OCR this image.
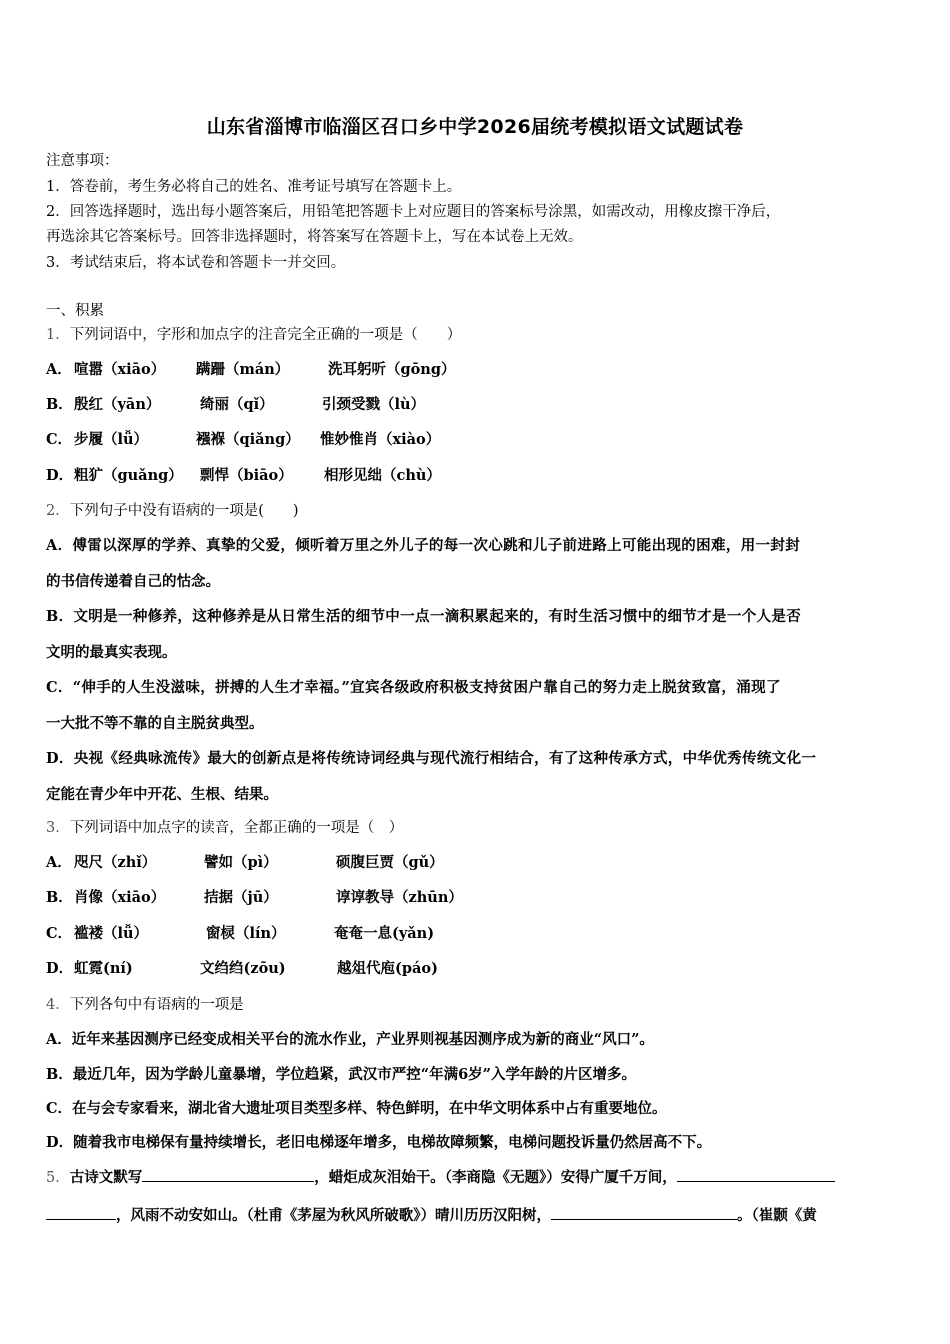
山东省淄博市临淄区召口乡中学2026届统考模拟语文试题试卷
注意事项：
1．答卷前，考生务必将自己的姓名、准考证号填写在答题卡上。
2．回答选择题时，选出每小题答案后，用铅笔把答题卡上对应题目的答案标号涂黑，如需改动，用橡皮擦干净后，
再选涂其它答案标号。回答非选择题时，将答案写在答题卡上，写在本试卷上无效。
3．考试结束后，将本试卷和答题卡一并交回。
一、积累
1．下列词语中，字形和加点字的注音完全正确的一项是（　　）
A． 喧嚣（xiāo） 蹒跚（mán）	洗耳躬听（gōng）
B． 殷红（yān）	绮丽（qǐ）	引颈受戮（lù）
C． 步履（lǚ）	襁褓（qiǎng） 惟妙惟肖（xiào）
D． 粗犷（guǎng） 剽悍（biāo） 相形见绌（chù）
2．下列句子中没有语病的一项是(　　)
A．傅雷以深厚的学养、真挚的父爱，倾听着万里之外儿子的每一次心跳和儿子前进路上可能出现的困难，用一封封
的书信传递着自己的怙念。
B．文明是一种修养，这种修养是从日常生活的细节中一点一滴积累起来的，有时生活习惯中的细节才是一个人是否
文明的最真实表现。
C．“伸手的人生没滋味，拼搏的人生才幸福。”宜宾各级政府积极支持贫困户靠自己的努力走上脱贫致富，涌现了
一大批不等不靠的自主脱贫典型。
D．央视《经典咏流传》最大的创新点是将传统诗词经典与现代流行相结合，有了这种传承方式，中华优秀传统文化一
定能在青少年中开花、生根、结果。
3．下列词语中加点字的读音，全都正确的一项是（　）
A． 咫尺（zhǐ）	譬如（pì）	硕腹巨贾（gǔ）
B． 肖像（xiāo）	拮据（jū）	谆谆教导（zhūn）
C． 褴褛（lǚ）	窗棂（lín）	奄奄一息(yǎn)
D． 虹霓(ní)	文绉绉(zōu)	越俎代庖(páo)
4．下列各句中有语病的一项是
A．近年来基因测序已经变成相关平台的流水作业，产业界则视基因测序成为新的商业“风口”。
B．最近几年，因为学龄儿童暴增，学位趋紧，武汉市严控“年满6岁”入学年龄的片区增多。
C．在与会专家看来，湖北省大遗址项目类型多样、特色鲜明，在中华文明体系中占有重要地位。
D．随着我市电梯保有量持续增长，老旧电梯逐年增多，电梯故障频繁，电梯问题投诉量仍然居高不下。
5．古诗文默写	，蜡炬成灰泪始干。（李商隐《无题》）安得广厦千万间，
，风雨不动安如山。（杜甫《茅屋为秋风所破歌》）晴川历历汉阳树，	。（崔颢《黄
